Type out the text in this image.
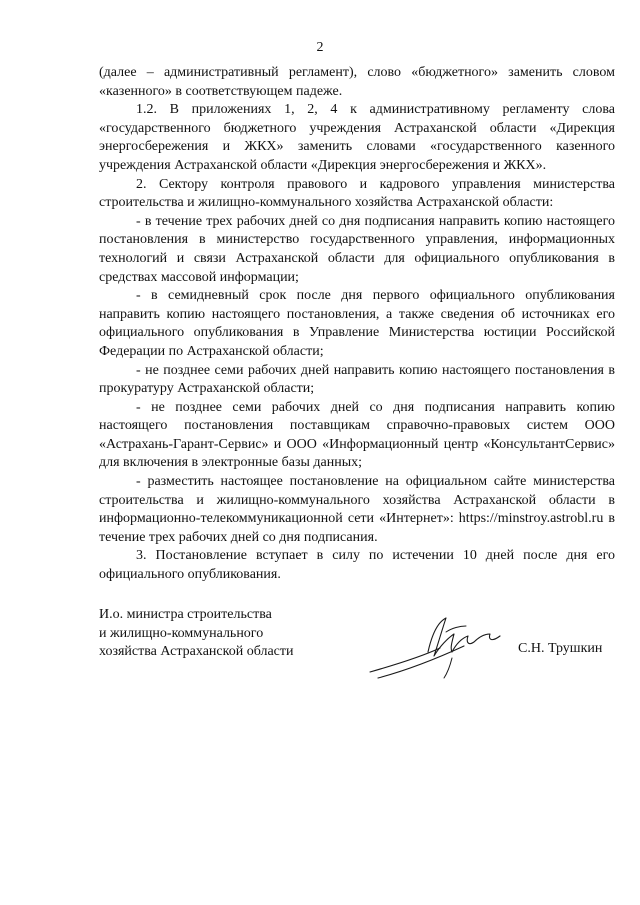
2

(далее – административный регламент), слово «бюджетного» заменить словом «казенного» в соответствующем падеже.

1.2. В приложениях 1, 2, 4 к административному регламенту слова «государственного бюджетного учреждения Астраханской области «Дирекция энергосбережения и ЖКХ» заменить словами «государственного казенного учреждения Астраханской области «Дирекция энергосбережения и ЖКХ».

2. Сектору контроля правового и кадрового управления министерства строительства и жилищно-коммунального хозяйства Астраханской области:

- в течение трех рабочих дней со дня подписания направить копию настоящего постановления в министерство государственного управления, информационных технологий и связи Астраханской области для официального опубликования в средствах массовой информации;

- в семидневный срок после дня первого официального опубликования направить копию настоящего постановления, а также сведения об источниках его официального опубликования в Управление Министерства юстиции Российской Федерации по Астраханской области;

- не позднее семи рабочих дней направить копию настоящего постановления в прокуратуру Астраханской области;

- не позднее семи рабочих дней со дня подписания направить копию настоящего постановления поставщикам справочно-правовых систем ООО «Астрахань-Гарант-Сервис» и ООО «Информационный центр «КонсультантСервис» для включения в электронные базы данных;

- разместить настоящее постановление на официальном сайте министерства строительства и жилищно-коммунального хозяйства Астраханской области в информационно-телекоммуникационной сети «Интернет»: https://minstroy.astrobl.ru в течение трех рабочих дней со дня подписания.

3. Постановление вступает в силу по истечении 10 дней после дня его официального опубликования.

И.о. министра строительства
и жилищно-коммунального
хозяйства Астраханской области	С.Н. Трушкин
